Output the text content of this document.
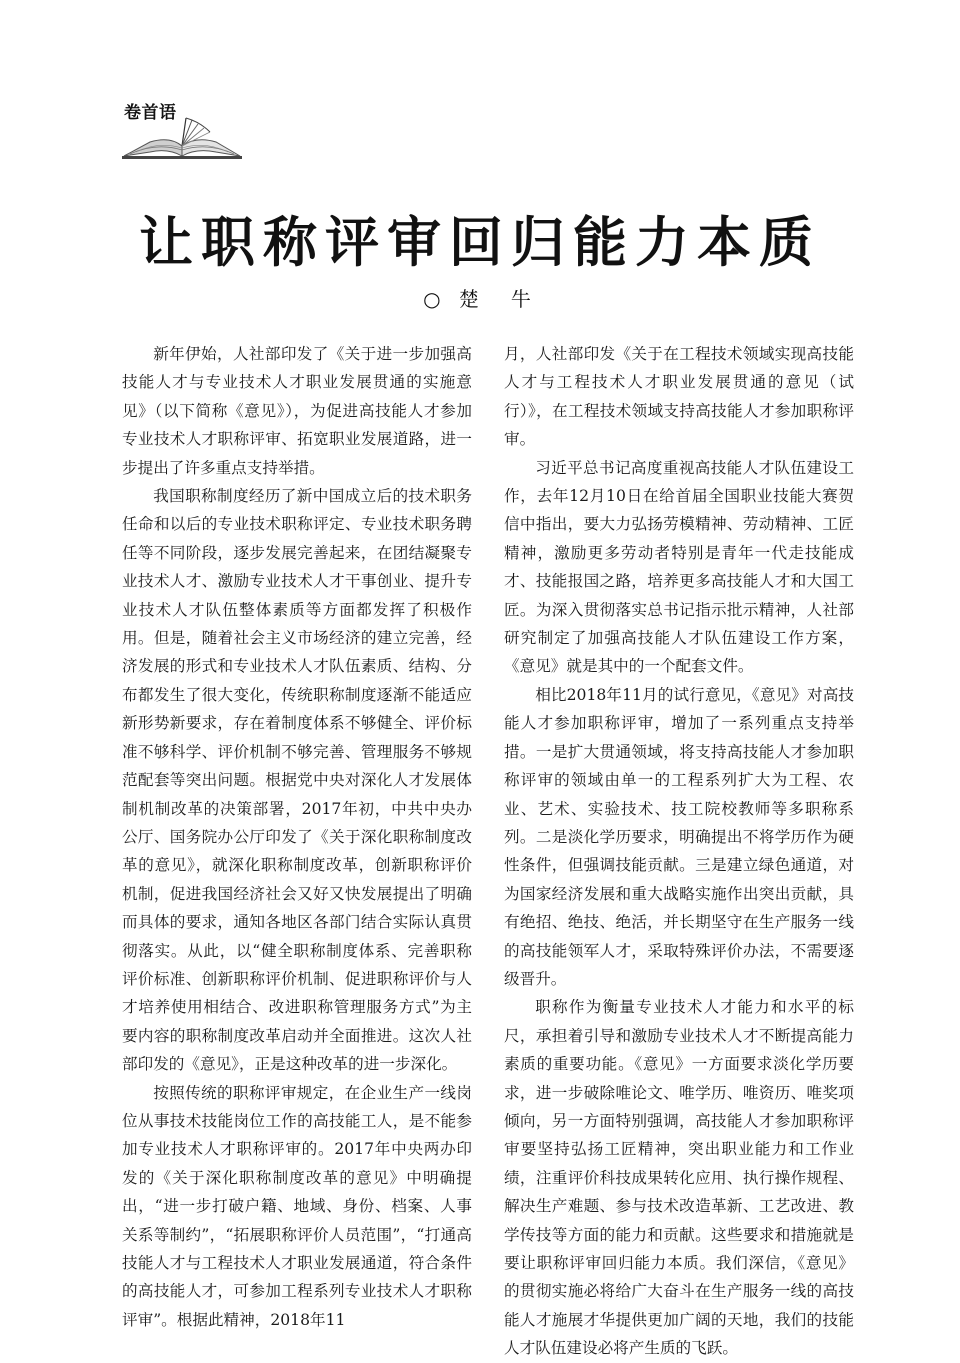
卷首语
让职称评审回归能力本质
○ 楚　牛

新年伊始，人社部印发了《关于进一步加强高技能人才与专业技术人才职业发展贯通的实施意见》（以下简称《意见》），为促进高技能人才参加专业技术人才职称评审、拓宽职业发展道路，进一步提出了许多重点支持举措。

我国职称制度经历了新中国成立后的技术职务任命和以后的专业技术职称评定、专业技术职务聘任等不同阶段，逐步发展完善起来，在团结凝聚专业技术人才、激励专业技术人才干事创业、提升专业技术人才队伍整体素质等方面都发挥了积极作用。但是，随着社会主义市场经济的建立完善，经济发展的形式和专业技术人才队伍素质、结构、分布都发生了很大变化，传统职称制度逐渐不能适应新形势新要求，存在着制度体系不够健全、评价标准不够科学、评价机制不够完善、管理服务不够规范配套等突出问题。根据党中央对深化人才发展体制机制改革的决策部署，2017年初，中共中央办公厅、国务院办公厅印发了《关于深化职称制度改革的意见》，就深化职称制度改革，创新职称评价机制，促进我国经济社会又好又快发展提出了明确而具体的要求，通知各地区各部门结合实际认真贯彻落实。从此，以“健全职称制度体系、完善职称评价标准、创新职称评价机制、促进职称评价与人才培养使用相结合、改进职称管理服务方式”为主要内容的职称制度改革启动并全面推进。这次人社部印发的《意见》，正是这种改革的进一步深化。

按照传统的职称评审规定，在企业生产一线岗位从事技术技能岗位工作的高技能工人，是不能参加专业技术人才职称评审的。2017年中央两办印发的《关于深化职称制度改革的意见》中明确提出，“进一步打破户籍、地域、身份、档案、人事关系等制约”，“拓展职称评价人员范围”，“打通高技能人才与工程技术人才职业发展通道，符合条件的高技能人才，可参加工程系列专业技术人才职称评审”。根据此精神，2018年11

月，人社部印发《关于在工程技术领域实现高技能人才与工程技术人才职业发展贯通的意见（试行）》，在工程技术领域支持高技能人才参加职称评审。

习近平总书记高度重视高技能人才队伍建设工作，去年12月10日在给首届全国职业技能大赛贺信中指出，要大力弘扬劳模精神、劳动精神、工匠精神，激励更多劳动者特别是青年一代走技能成才、技能报国之路，培养更多高技能人才和大国工匠。为深入贯彻落实总书记指示批示精神，人社部研究制定了加强高技能人才队伍建设工作方案，《意见》就是其中的一个配套文件。

相比2018年11月的试行意见，《意见》对高技能人才参加职称评审，增加了一系列重点支持举措。一是扩大贯通领域，将支持高技能人才参加职称评审的领域由单一的工程系列扩大为工程、农业、艺术、实验技术、技工院校教师等多职称系列。二是淡化学历要求，明确提出不将学历作为硬性条件，但强调技能贡献。三是建立绿色通道，对为国家经济发展和重大战略实施作出突出贡献，具有绝招、绝技、绝活，并长期坚守在生产服务一线的高技能领军人才，采取特殊评价办法，不需要逐级晋升。

职称作为衡量专业技术人才能力和水平的标尺，承担着引导和激励专业技术人才不断提高能力素质的重要功能。《意见》一方面要求淡化学历要求，进一步破除唯论文、唯学历、唯资历、唯奖项倾向，另一方面特别强调，高技能人才参加职称评审要坚持弘扬工匠精神，突出职业能力和工作业绩，注重评价科技成果转化应用、执行操作规程、解决生产难题、参与技术改造革新、工艺改进、教学传技等方面的能力和贡献。这些要求和措施就是要让职称评审回归能力本质。我们深信，《意见》的贯彻实施必将给广大奋斗在生产服务一线的高技能人才施展才华提供更加广阔的天地，我们的技能人才队伍建设必将产生质的飞跃。
